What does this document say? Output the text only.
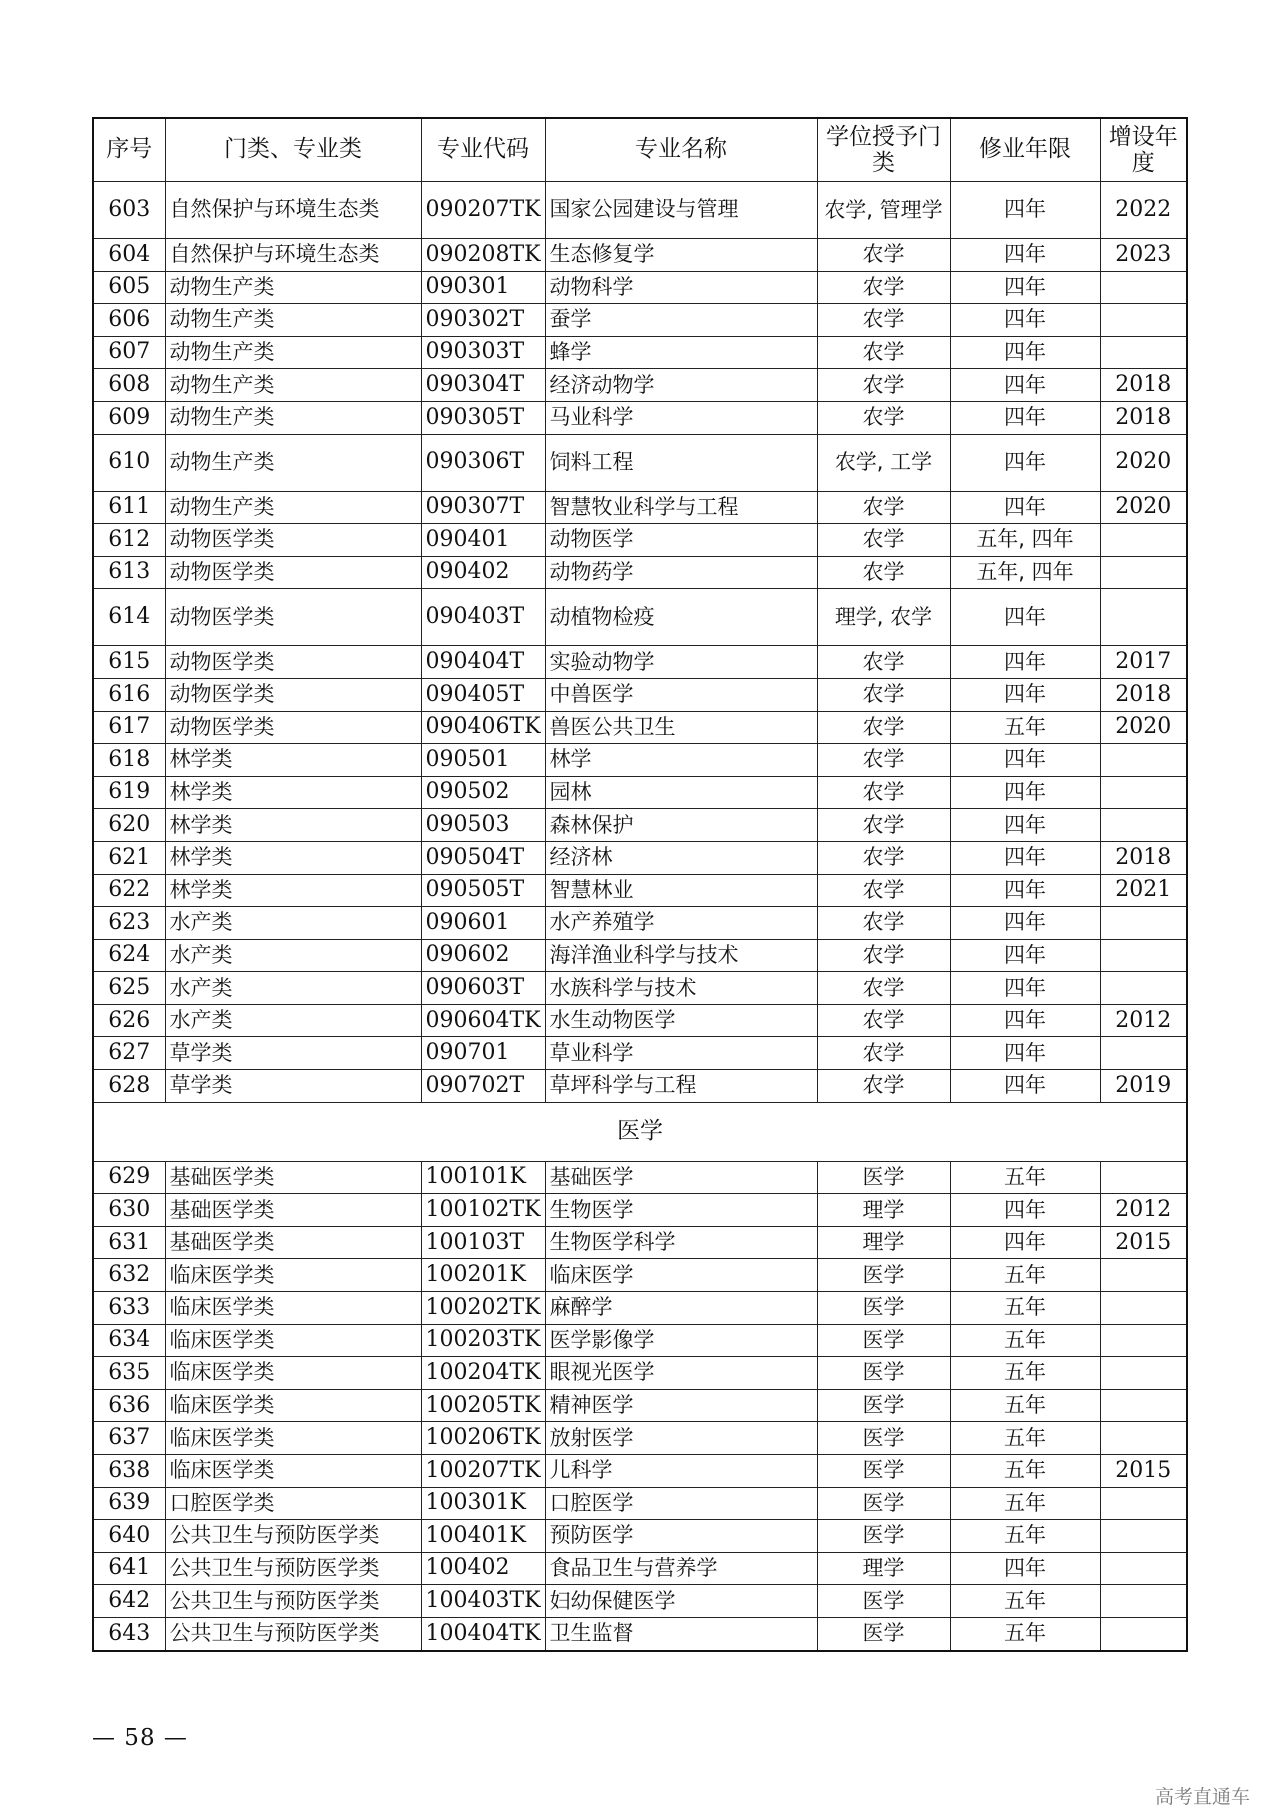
序号	门类、专业类	专业代码	专业名称	学位授予门类	修业年限	增设年度
603	自然保护与环境生态类	090207TK	国家公园建设与管理	农学, 管理学	四年	2022
604	自然保护与环境生态类	090208TK	生态修复学	农学	四年	2023
605	动物生产类	090301	动物科学	农学	四年	
606	动物生产类	090302T	蚕学	农学	四年	
607	动物生产类	090303T	蜂学	农学	四年	
608	动物生产类	090304T	经济动物学	农学	四年	2018
609	动物生产类	090305T	马业科学	农学	四年	2018
610	动物生产类	090306T	饲料工程	农学, 工学	四年	2020
611	动物生产类	090307T	智慧牧业科学与工程	农学	四年	2020
612	动物医学类	090401	动物医学	农学	五年, 四年	
613	动物医学类	090402	动物药学	农学	五年, 四年	
614	动物医学类	090403T	动植物检疫	理学, 农学	四年	
615	动物医学类	090404T	实验动物学	农学	四年	2017
616	动物医学类	090405T	中兽医学	农学	四年	2018
617	动物医学类	090406TK	兽医公共卫生	农学	五年	2020
618	林学类	090501	林学	农学	四年	
619	林学类	090502	园林	农学	四年	
620	林学类	090503	森林保护	农学	四年	
621	林学类	090504T	经济林	农学	四年	2018
622	林学类	090505T	智慧林业	农学	四年	2021
623	水产类	090601	水产养殖学	农学	四年	
624	水产类	090602	海洋渔业科学与技术	农学	四年	
625	水产类	090603T	水族科学与技术	农学	四年	
626	水产类	090604TK	水生动物医学	农学	四年	2012
627	草学类	090701	草业科学	农学	四年	
628	草学类	090702T	草坪科学与工程	农学	四年	2019
医学						
629	基础医学类	100101K	基础医学	医学	五年	
630	基础医学类	100102TK	生物医学	理学	四年	2012
631	基础医学类	100103T	生物医学科学	理学	四年	2015
632	临床医学类	100201K	临床医学	医学	五年	
633	临床医学类	100202TK	麻醉学	医学	五年	
634	临床医学类	100203TK	医学影像学	医学	五年	
635	临床医学类	100204TK	眼视光医学	医学	五年	
636	临床医学类	100205TK	精神医学	医学	五年	
637	临床医学类	100206TK	放射医学	医学	五年	
638	临床医学类	100207TK	儿科学	医学	五年	2015
639	口腔医学类	100301K	口腔医学	医学	五年	
640	公共卫生与预防医学类	100401K	预防医学	医学	五年	
641	公共卫生与预防医学类	100402	食品卫生与营养学	理学	四年	
642	公共卫生与预防医学类	100403TK	妇幼保健医学	医学	五年	
643	公共卫生与预防医学类	100404TK	卫生监督	医学	五年	
— 58 —
高考直通车
